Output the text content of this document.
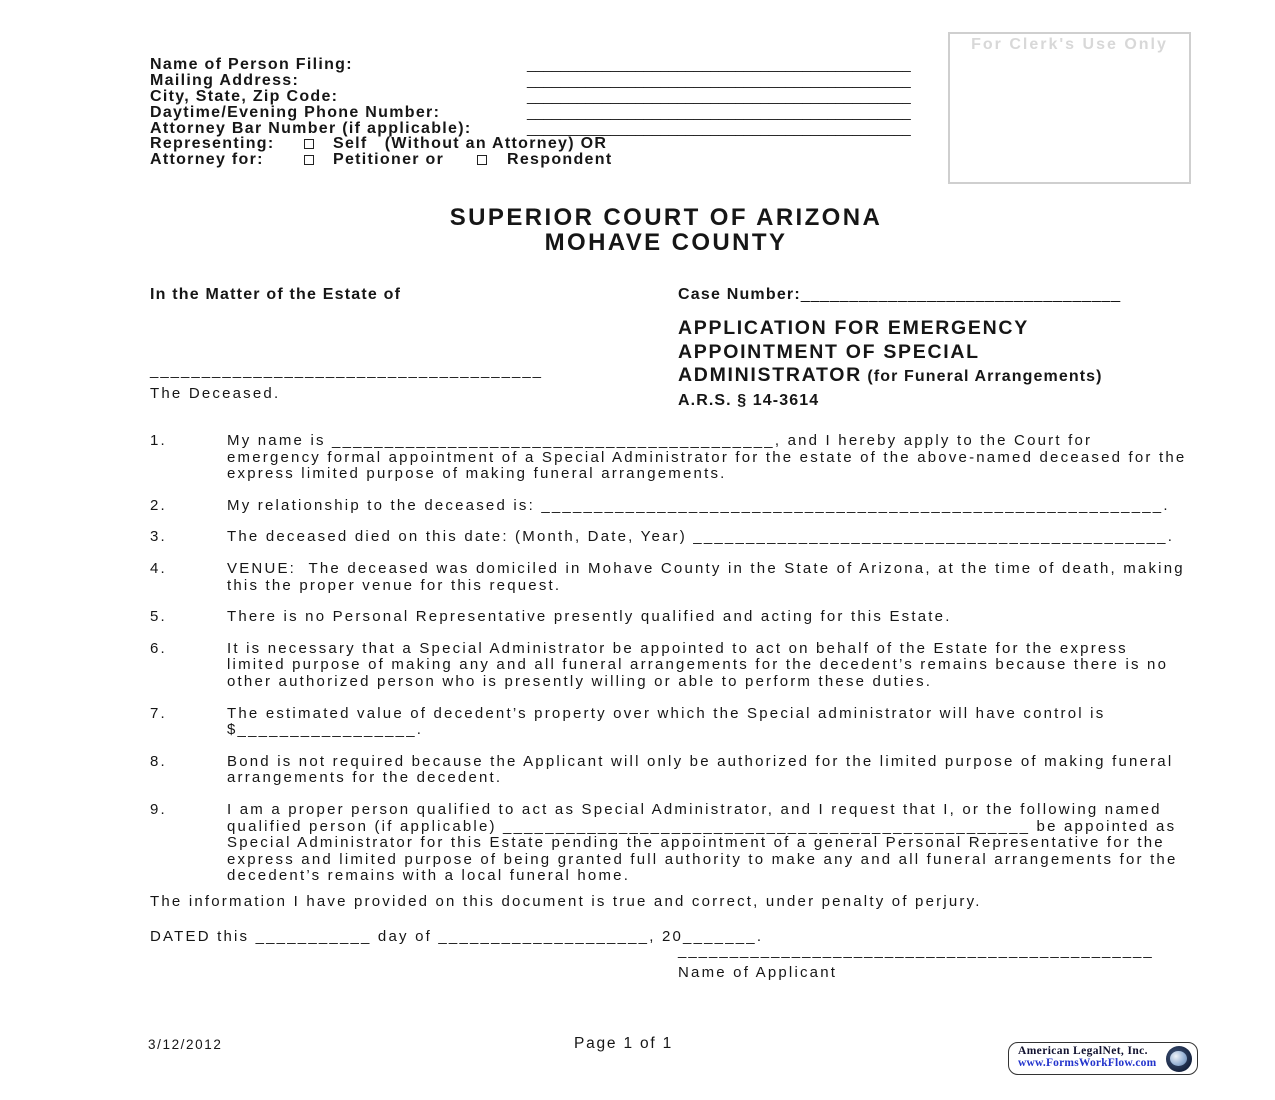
Name of Person Filing:	______________________________________________
Mailing Address:	______________________________________________
City, State, Zip Code:	______________________________________________
Daytime/Evening Phone Number:	______________________________________________
Attorney Bar Number (if applicable):	______________________________________________
Representing:	Self   (Without an Attorney) OR
Attorney for:	Petitioner or	Respondent
For Clerk's Use Only
SUPERIOR COURT OF ARIZONA
MOHAVE COUNTY
In the Matter of the Estate of	Case Number:_________________________________
APPLICATION FOR EMERGENCY
APPOINTMENT OF SPECIAL
ADMINISTRATOR (for Funeral Arrangements)
A.R.S. § 14-3614
______________________________________
The Deceased.
1.	My name is __________________________________________, and I hereby apply to the Court for emergency formal appointment of a Special Administrator for the estate of the above-named deceased for the express limited purpose of making funeral arrangements.
2.	My relationship to the deceased is: ___________________________________________________________.
3.	The deceased died on this date: (Month, Date, Year) _____________________________________________.
4.	VENUE:  The deceased was domiciled in Mohave County in the State of Arizona, at the time of death, making this the proper venue for this request.
5.	There is no Personal Representative presently qualified and acting for this Estate.
6.	It is necessary that a Special Administrator be appointed to act on behalf of the Estate for the express limited purpose of making any and all funeral arrangements for the decedent’s remains because there is no other authorized person who is presently willing or able to perform these duties.
7.	The estimated value of decedent’s property over which the Special administrator will have control is $_________________.
8.	Bond is not required because the Applicant will only be authorized for the limited purpose of making funeral arrangements for the decedent.
9.	I am a proper person qualified to act as Special Administrator, and I request that I, or the following named qualified person (if applicable) __________________________________________________ be appointed as Special Administrator for this Estate pending the appointment of a general Personal Representative for the express and limited purpose of being granted full authority to make any and all funeral arrangements for the decedent’s remains with a local funeral home.
The information I have provided on this document is true and correct, under penalty of perjury.
DATED this ___________ day of ____________________, 20_______.
______________________________________________
Name of Applicant
3/12/2012	Page 1 of 1	American LegalNet, Inc.
www.FormsWorkFlow.com
